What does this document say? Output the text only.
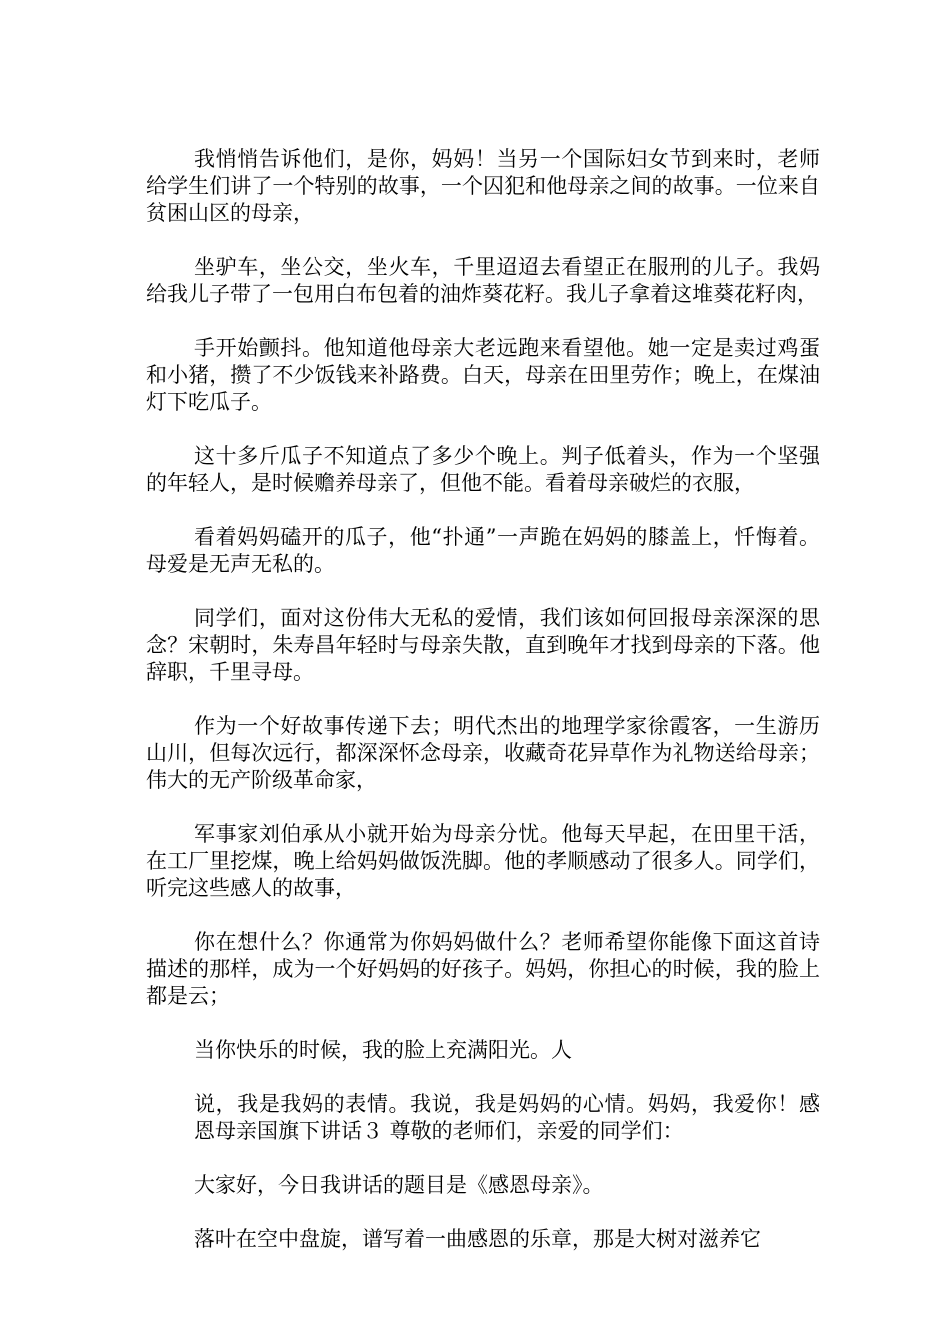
我悄悄告诉他们，是你，妈妈！当另一个国际妇女节到来时，老师给学生们讲了一个特别的故事，一个囚犯和他母亲之间的故事。一位来自贫困山区的母亲，

坐驴车，坐公交，坐火车，千里迢迢去看望正在服刑的儿子。我妈给我儿子带了一包用白布包着的油炸葵花籽。我儿子拿着这堆葵花籽肉，

手开始颤抖。他知道他母亲大老远跑来看望他。她一定是卖过鸡蛋和小猪，攒了不少饭钱来补路费。白天，母亲在田里劳作；晚上，在煤油灯下吃瓜子。

这十多斤瓜子不知道点了多少个晚上。判子低着头，作为一个坚强的年轻人，是时候赡养母亲了，但他不能。看着母亲破烂的衣服，

看着妈妈磕开的瓜子，他“扑通”一声跪在妈妈的膝盖上，忏悔着。母爱是无声无私的。

同学们，面对这份伟大无私的爱情，我们该如何回报母亲深深的思念？宋朝时，朱寿昌年轻时与母亲失散，直到晚年才找到母亲的下落。他辞职，千里寻母。

作为一个好故事传递下去；明代杰出的地理学家徐霞客，一生游历山川，但每次远行，都深深怀念母亲，收藏奇花异草作为礼物送给母亲；伟大的无产阶级革命家，

军事家刘伯承从小就开始为母亲分忧。他每天早起，在田里干活，在工厂里挖煤，晚上给妈妈做饭洗脚。他的孝顺感动了很多人。同学们，听完这些感人的故事，

你在想什么？你通常为你妈妈做什么？老师希望你能像下面这首诗描述的那样，成为一个好妈妈的好孩子。妈妈，你担心的时候，我的脸上都是云；

当你快乐的时候，我的脸上充满阳光。人

说，我是我妈的表情。我说，我是妈妈的心情。妈妈，我爱你！感恩母亲国旗下讲话３ 尊敬的老师们，亲爱的同学们：

大家好，今日我讲话的题目是《感恩母亲》。

落叶在空中盘旋，谱写着一曲感恩的乐章，那是大树对滋养它
